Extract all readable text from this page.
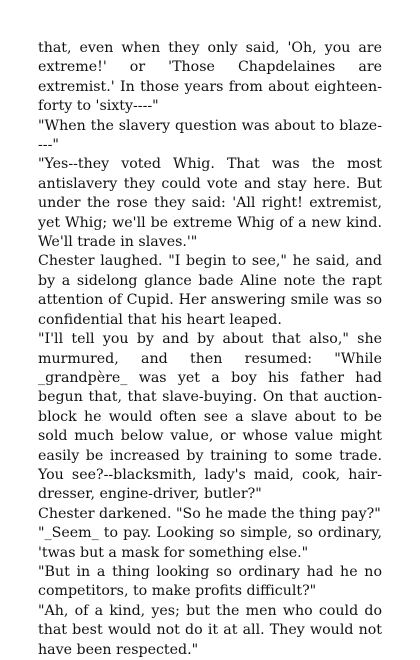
that, even when they only said, 'Oh, you are extreme!' or 'Those Chapdelaines are extremist.' In those years from about eighteen-forty to 'sixty----"

"When the slavery question was about to blaze----"

"Yes--they voted Whig. That was the most antislavery they could vote and stay here. But under the rose they said: 'All right! extremist, yet Whig; we'll be extreme Whig of a new kind. We'll trade in slaves.'"

Chester laughed. "I begin to see," he said, and by a sidelong glance bade Aline note the rapt attention of Cupid. Her answering smile was so confidential that his heart leaped.

"I'll tell you by and by about that also," she murmured, and then resumed: "While _grandpère_ was yet a boy his father had begun that, that slave-buying. On that auction-block he would often see a slave about to be sold much below value, or whose value might easily be increased by training to some trade. You see?--blacksmith, lady's maid, cook, hair-dresser, engine-driver, butler?"

Chester darkened. "So he made the thing pay?"

"_Seem_ to pay. Looking so simple, so ordinary, 'twas but a mask for something else."

"But in a thing looking so ordinary had he no competitors, to make profits difficult?"

"Ah, of a kind, yes; but the men who could do that best would not do it at all. They would not have been respected."
